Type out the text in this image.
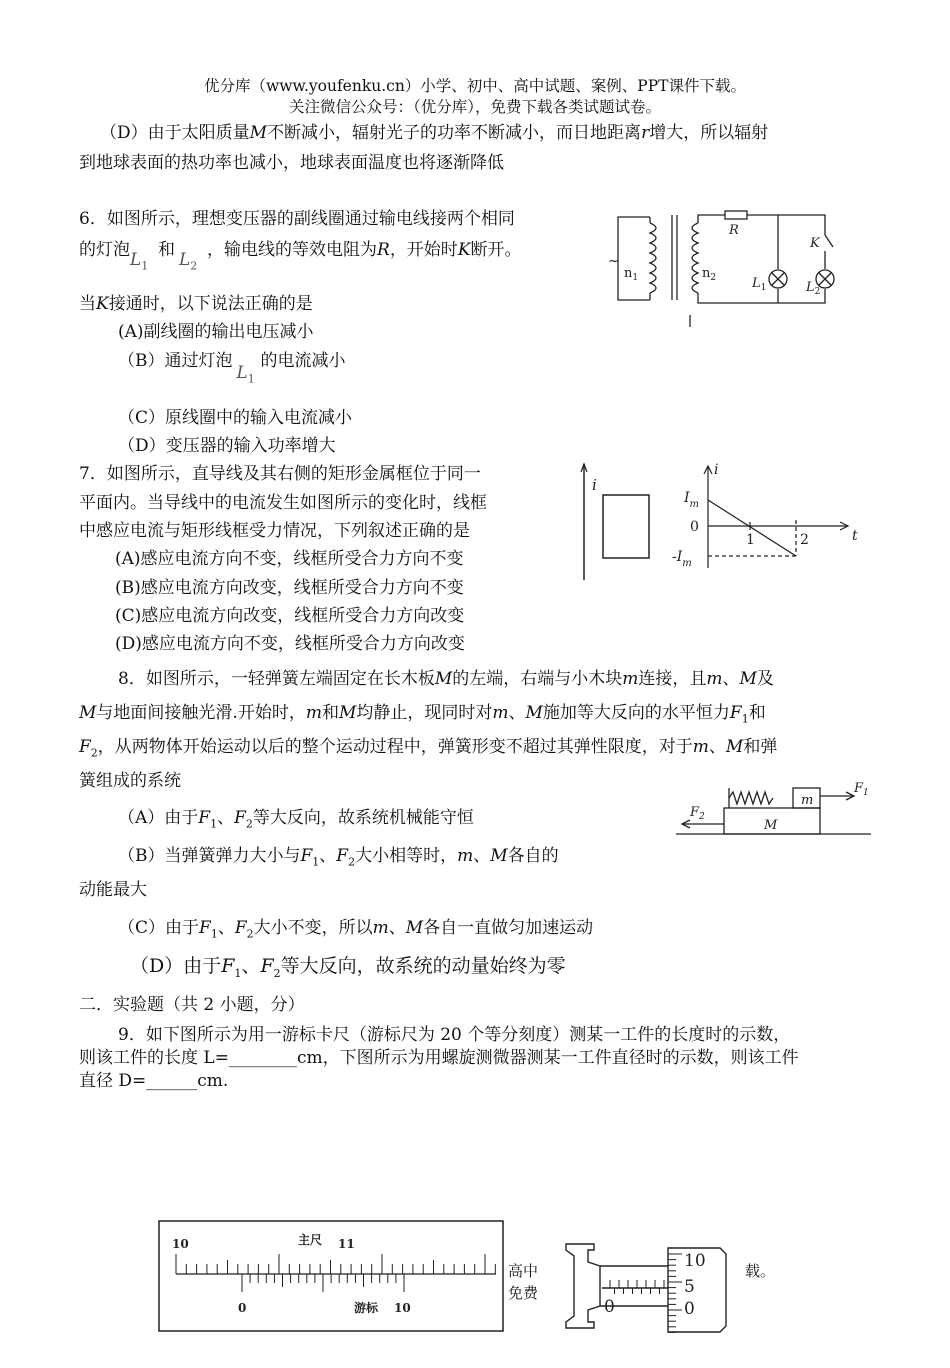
优分库（www.youfenku.cn）小学、初中、高中试题、案例、PPT课件下载。
关注微信公众号：（优分库），免费下载各类试题试卷。
（D）由于太阳质量M不断减小，辐射光子的功率不断减小，而日地距离r增大，所以辐射
到地球表面的热功率也减小，地球表面温度也将逐渐降低
6．如图所示，理想变压器的副线圈通过输电线接两个相同
的灯泡$L_1$和 $L_2$，输电线的等效电阻为R，开始时K断开。
当K接通时，以下说法正确的是
(A)副线圈的输出电压减小
（B）通过灯泡$L_1$的电流减小
（C）原线圈中的输入电流减小
（D）变压器的输入功率增大
~
$n_1$	$n_2$
R
K
$L_1$	$L_2$
7．如图所示，直导线及其右侧的矩形金属框位于同一
平面内。当导线中的电流发生如图所示的变化时，线框
中感应电流与矩形线框受力情况，下列叙述正确的是
(A)感应电流方向不变，线框所受合力方向不变
(B)感应电流方向改变，线框所受合力方向不变
(C)感应电流方向改变，线框所受合力方向改变
(D)感应电流方向不变，线框所受合力方向改变
i
i
t
$I_m$
0
$-I_m$
1	2
8．如图所示，一轻弹簧左端固定在长木板M的左端，右端与小木块m连接，且m、M及
M与地面间接触光滑.开始时，m和M均静止，现同时对m、M施加等大反向的水平恒力$F_1$和
$F_2$，从两物体开始运动以后的整个运动过程中，弹簧形变不超过其弹性限度，对于m、M和弹
簧组成的系统
（A）由于$F_1$、$F_2$等大反向，故系统机械能守恒
（B）当弹簧弹力大小与$F_1$、$F_2$大小相等时，m、M各自的
动能最大
（C）由于$F_1$、$F_2$大小不变，所以m、M各自一直做匀加速运动
（D）由于$F_1$、$F_2$等大反向，故系统的动量始终为零
m
M
$F_1$
$F_2$
二．实验题（共 2 小题，分）
9．如下图所示为用一游标卡尺（游标尺为 20 个等分刻度）测某一工件的长度时的示数，
则该工件的长度 L=________cm，下图所示为用螺旋测微器测某一工件直径时的示数，则该工件
直径 D=______cm.
10	主尺 11
0	游标 10
高中
免费
载。
10
5
0
0
